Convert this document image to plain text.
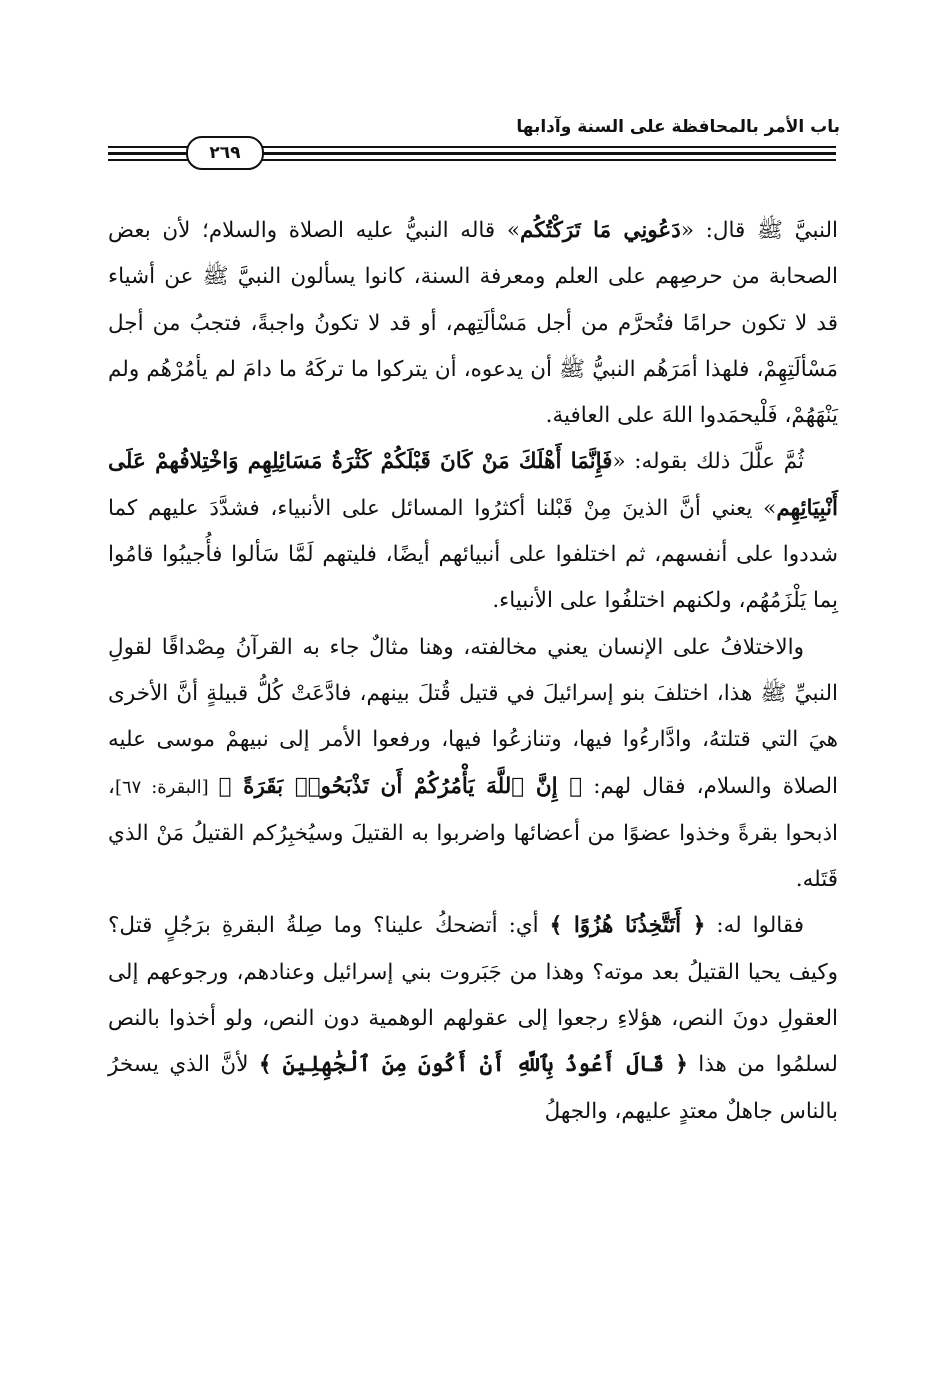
باب الأمر بالمحافظة على السنة وآدابها
٢٦٩

النبيَّ ﷺ قال: «دَعُونِي مَا تَرَكْتُكُم» قاله النبيُّ عليه الصلاة والسلام؛ لأن بعض الصحابة من حرصِهم على العلم ومعرفة السنة، كانوا يسألون النبيَّ ﷺ عن أشياء قد لا تكون حرامًا فتُحرَّم من أجل مَسْألَتِهم، أو قد لا تكونُ واجبةً، فتجبُ من أجل مَسْألَتِهِمْ، فلهذا أمَرَهُم النبيُّ ﷺ أن يدعوه، أن يتركوا ما تركَهُ ما دامَ لم يأمُرْهُم ولم يَنْهَهُمْ، فَلْيحمَدوا اللهَ على العافية.

ثُمَّ علَّلَ ذلك بقوله: «فَإِنَّمَا أَهْلَكَ مَنْ كَانَ قَبْلَكُمْ كَثْرَةُ مَسَائِلِهِم وَاخْتِلافُهمْ عَلَى أَنْبِيَائِهِم» يعني أنَّ الذينَ مِنْ قَبْلنا أكثرُوا المسائل على الأنبياء، فشدَّدَ عليهم كما شددوا على أنفسهم، ثم اختلفوا على أنبيائهم أيضًا، فليتهم لَمَّا سَألوا فأُجيبُوا قامُوا بِما يَلْزَمُهُم، ولكنهم اختلفُوا على الأنبياء.

والاختلافُ على الإنسان يعني مخالفته، وهنا مثالٌ جاء به القرآنُ مِصْداقًا لقولِ النبيِّ ﷺ هذا، اختلفَ بنو إسرائيلَ في قتيل قُتلَ بينهم، فادَّعَتْ كُلُّ قبيلةٍ أنَّ الأخرى هيَ التي قتلتهُ، وادَّارءُوا فيها، وتنازعُوا فيها، ورفعوا الأمر إلى نبيهمْ موسى عليه الصلاة والسلام، فقال لهم: ﴿ إِنَّ ٱللَّهَ يَأْمُرُكُمْ أَن تَذْبَحُوا۟ بَقَرَةً ﴾ [البقرة: ٦٧]، اذبحوا بقرةً وخذوا عضوًا من أعضائها واضربوا به القتيلَ وسيُخبِرُكم القتيلُ مَنْ الذي قَتَله.

فقالوا له: ﴿ أَتَتَّخِذُنَا هُزُوًا ﴾ أي: أتضحكُ علينا؟ وما صِلةُ البقرةِ برَجُلٍ قتل؟ وكيف يحيا القتيلُ بعد موته؟ وهذا من جَبَروت بني إسرائيل وعنادهم، ورجوعهم إلى العقولِ دونَ النص، هؤلاءِ رجعوا إلى عقولهم الوهمية دون النص، ولو أخذوا بالنص لسلمُوا من هذا ﴿ قَالَ أَعُوذُ بِٱللَّهِ أَنْ أَكُونَ مِنَ ٱلْجَٰهِلِينَ ﴾ لأنَّ الذي يسخرُ بالناس جاهلٌ معتدٍ عليهم، والجهلُ
